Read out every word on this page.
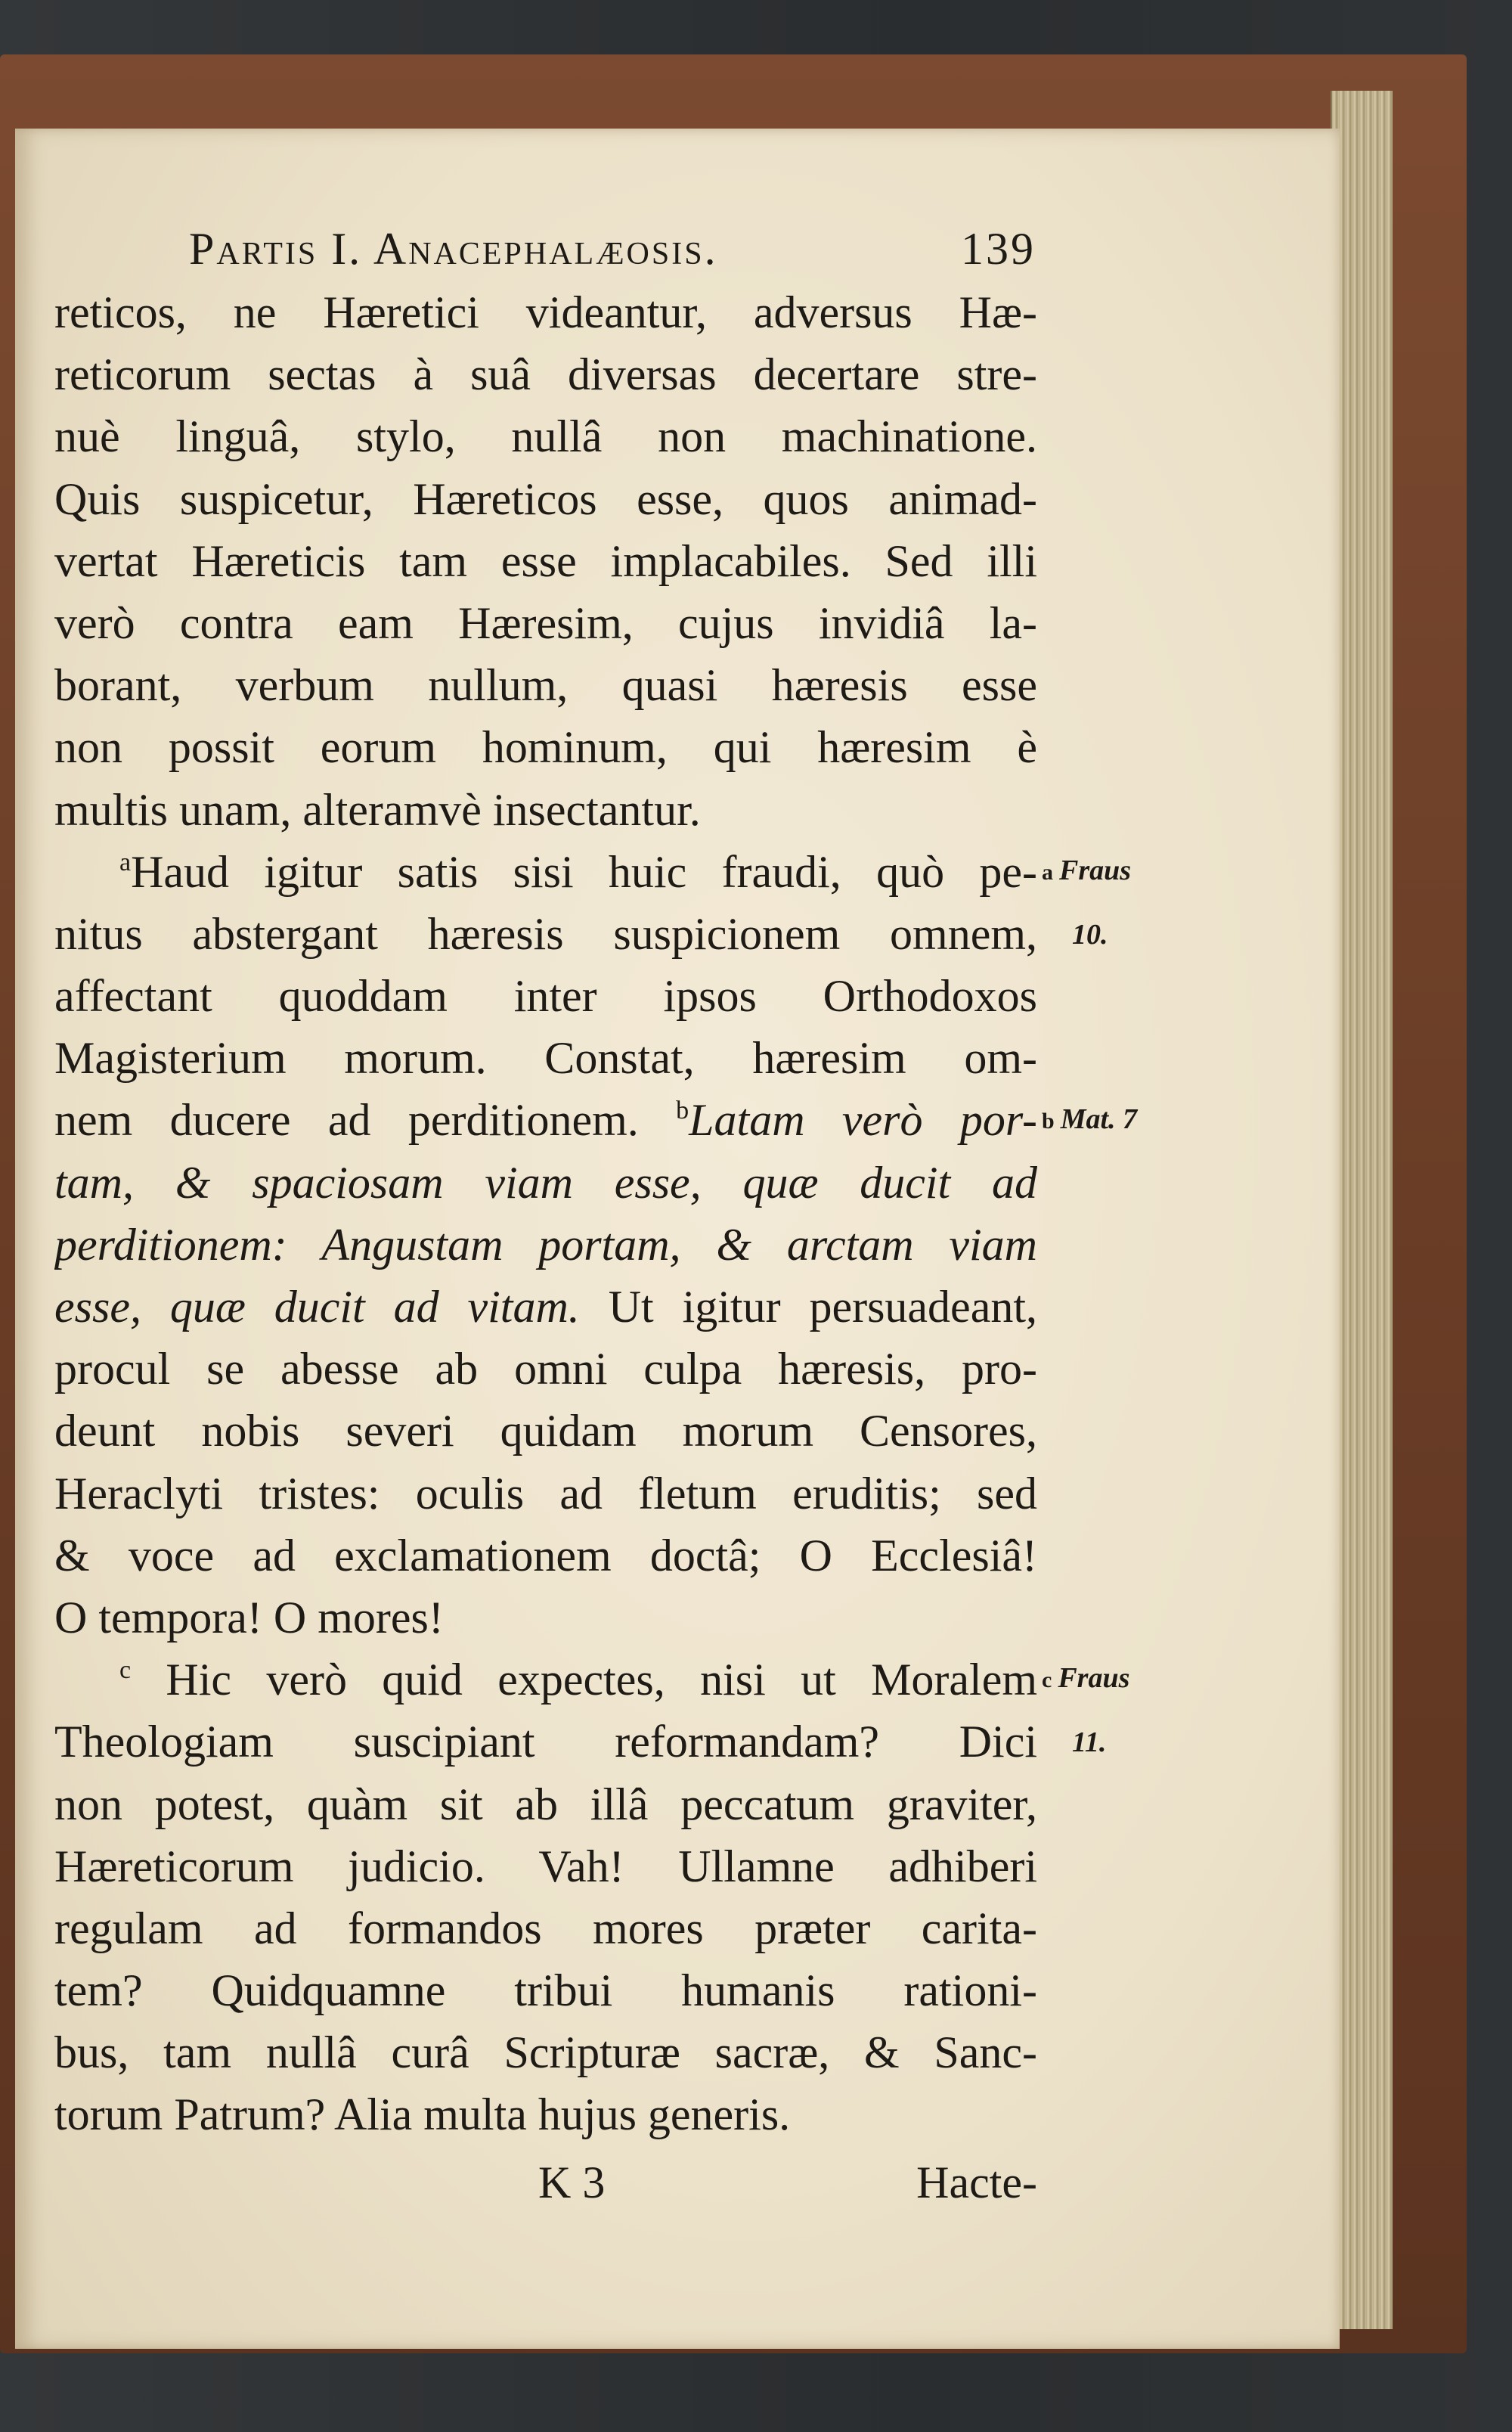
Partis I. Anacephalæosis.	139
reticos, ne Hæretici videantur, adversus Hæ-
reticorum sectas à suâ diversas decertare stre-
nuè linguâ, stylo, nullâ non machinatione.
Quis suspicetur, Hæreticos esse, quos animad-
vertat Hæreticis tam esse implacabiles. Sed illi
verò contra eam Hæresim, cujus invidiâ la-
borant, verbum nullum, quasi hæresis esse
non possit eorum hominum, qui hæresim è
multis unam, alteramvè insectantur.
$^a$Haud igitur satis sisi huic fraudi, quò pe-
nitus abstergant hæresis suspicionem omnem,
affectant quoddam inter ipsos Orthodoxos
Magisterium morum. Constat, hæresim om-
nem ducere ad perditionem. $^b$Latam verò por-
tam, & spaciosam viam esse, quæ ducit ad
perditionem: Angustam portam, & arctam viam
esse, quæ ducit ad vitam. Ut igitur persuadeant,
procul se abesse ab omni culpa hæresis, pro-
deunt nobis severi quidam morum Censores,
Heraclyti tristes: oculis ad fletum eruditis; sed
& voce ad exclamationem doctâ; O Ecclesiâ!
O tempora! O mores!
$^c$ Hic verò quid expectes, nisi ut Moralem
Theologiam suscipiant reformandam? Dici
non potest, quàm sit ab illâ peccatum graviter,
Hæreticorum judicio. Vah! Ullamne adhiberi
regulam ad formandos mores præter carita-
tem? Quidquamne tribui humanis rationi-
bus, tam nullâ curâ Scripturæ sacræ, & Sanc-
torum Patrum? Alia multa hujus generis.
a Fraus
10.
b Mat. 7
c Fraus
11.
K 3	Hacte-
